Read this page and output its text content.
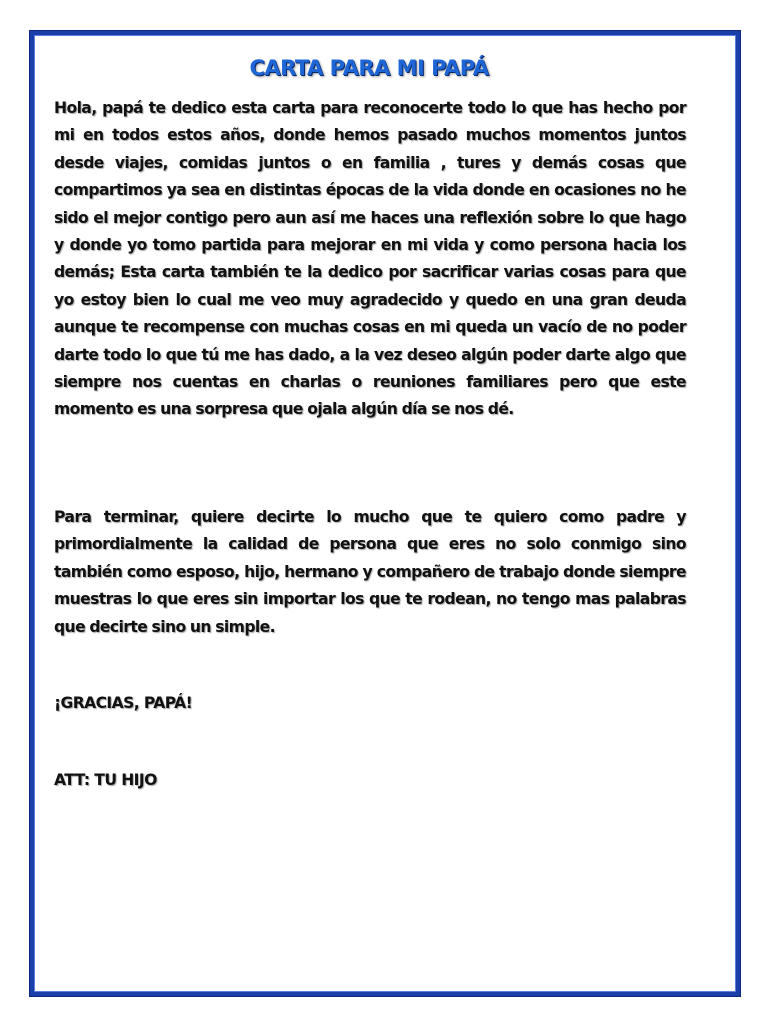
CARTA PARA MI PAPÁ

Hola, papá te dedico esta carta para reconocerte todo lo que has hecho por mi en todos estos años, donde hemos pasado muchos momentos juntos desde viajes, comidas juntos o en familia , tures y demás cosas que compartimos ya sea en distintas épocas de la vida donde en ocasiones no he sido el mejor contigo pero aun así me haces una reflexión sobre lo que hago y donde yo tomo partida para mejorar en mi vida y como persona hacia los demás; Esta carta también te la dedico por sacrificar varias cosas para que yo estoy bien lo cual me veo muy agradecido y quedo en una gran deuda aunque te recompense con muchas cosas en mi queda un vacío de no poder darte todo lo que tú me has dado, a la vez deseo algún poder darte algo que siempre nos cuentas en charlas o reuniones familiares pero que este momento es una sorpresa que ojala algún día se nos dé.

Para terminar, quiere decirte lo mucho que te quiero como padre y primordialmente la calidad de persona que eres no solo conmigo sino también como esposo, hijo, hermano y compañero de trabajo donde siempre muestras lo que eres sin importar los que te rodean, no tengo mas palabras que decirte sino un simple.

¡GRACIAS, PAPÁ!

ATT: TU HIJO
